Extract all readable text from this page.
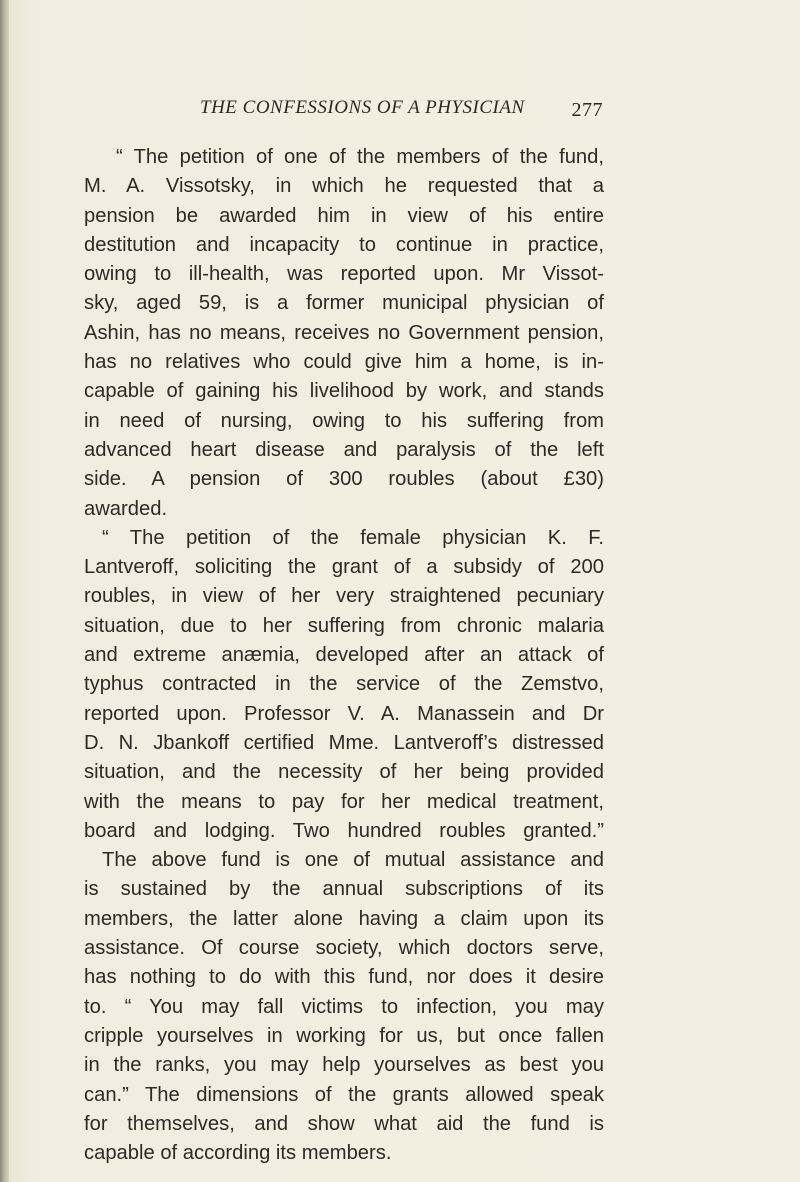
THE CONFESSIONS OF A PHYSICIAN 277
“ The petition of one of the members of the fund,
M. A. Vissotsky, in which he requested that a
pension be awarded him in view of his entire
destitution and incapacity to continue in practice,
owing to ill-health, was reported upon. Mr Vissot-
sky, aged 59, is a former municipal physician of
Ashin, has no means, receives no Government pension,
has no relatives who could give him a home, is in-
capable of gaining his livelihood by work, and stands
in need of nursing, owing to his suffering from
advanced heart disease and paralysis of the left
side. A pension of 300 roubles (about £30)
awarded.
“ The petition of the female physician K. F.
Lantveroff, soliciting the grant of a subsidy of 200
roubles, in view of her very straightened pecuniary
situation, due to her suffering from chronic malaria
and extreme anæmia, developed after an attack of
typhus contracted in the service of the Zemstvo,
reported upon. Professor V. A. Manassein and Dr
D. N. Jbankoff certified Mme. Lantveroff’s distressed
situation, and the necessity of her being provided
with the means to pay for her medical treatment,
board and lodging. Two hundred roubles granted.”
The above fund is one of mutual assistance and
is sustained by the annual subscriptions of its
members, the latter alone having a claim upon its
assistance. Of course society, which doctors serve,
has nothing to do with this fund, nor does it desire
to. “ You may fall victims to infection, you may
cripple yourselves in working for us, but once fallen
in the ranks, you may help yourselves as best you
can.” The dimensions of the grants allowed speak
for themselves, and show what aid the fund is
capable of according its members.
